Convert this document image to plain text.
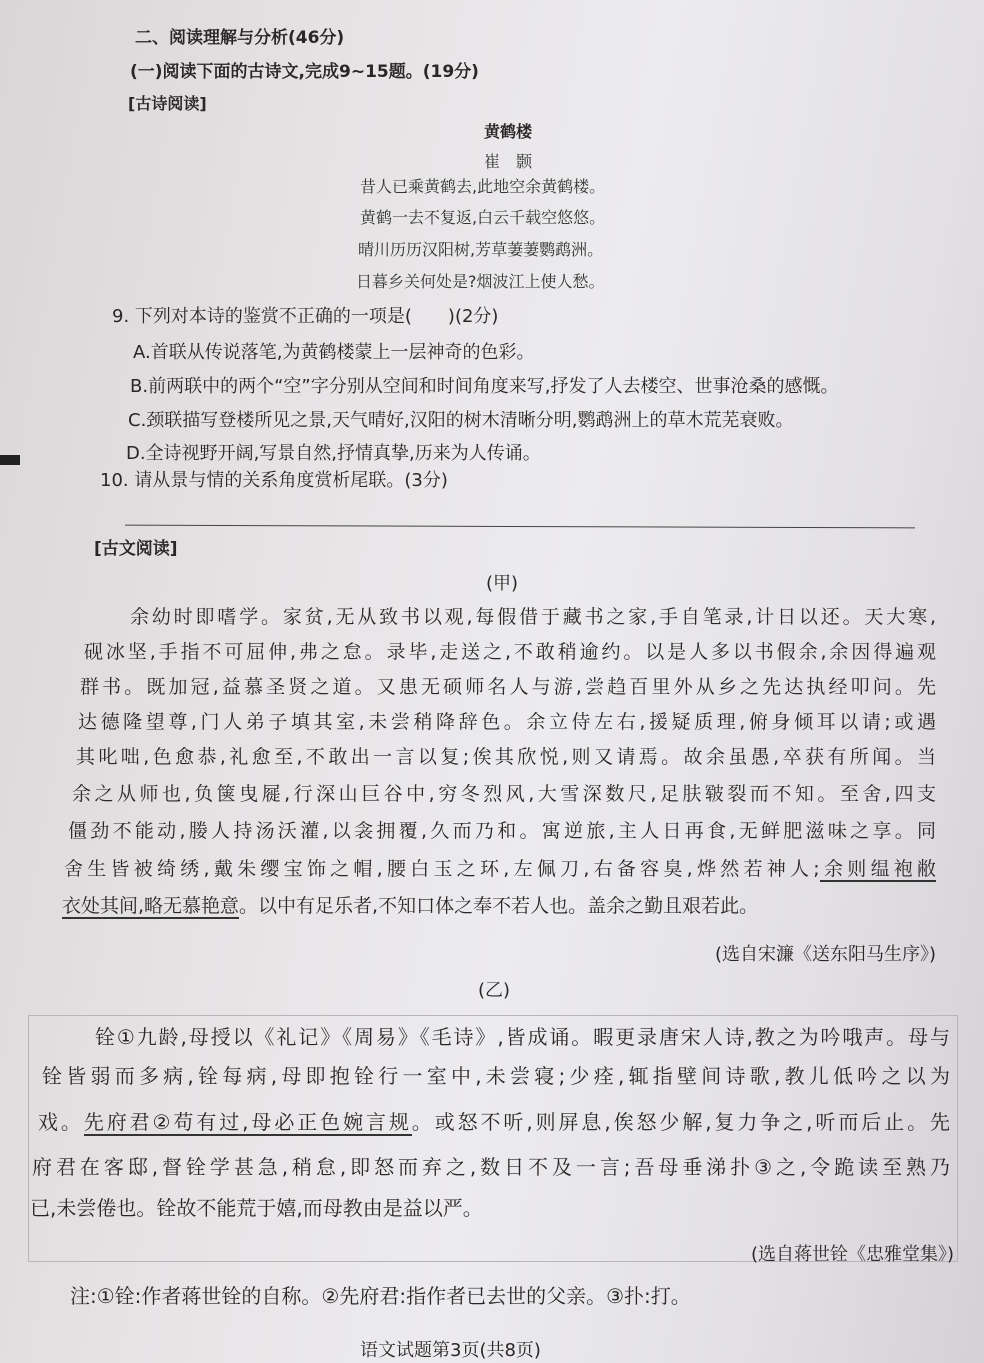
二、阅读理解与分析(46分)
(一)阅读下面的古诗文,完成9~15题。(19分)
[古诗阅读]
黄鹤楼
崔　颢
昔人已乘黄鹤去,此地空余黄鹤楼。
黄鹤一去不复返,白云千载空悠悠。
晴川历历汉阳树,芳草萋萋鹦鹉洲。
日暮乡关何处是?烟波江上使人愁。
9. 下列对本诗的鉴赏不正确的一项是(　　)(2分)
A.首联从传说落笔,为黄鹤楼蒙上一层神奇的色彩。
B.前两联中的两个“空”字分别从空间和时间角度来写,抒发了人去楼空、世事沧桑的感慨。
C.颈联描写登楼所见之景,天气晴好,汉阳的树木清晰分明,鹦鹉洲上的草木荒芜衰败。
D.全诗视野开阔,写景自然,抒情真挚,历来为人传诵。
10. 请从景与情的关系角度赏析尾联。(3分)
[古文阅读]
(甲)
余幼时即嗜学。家贫,无从致书以观,每假借于藏书之家,手自笔录,计日以还。天大寒,
砚冰坚,手指不可屈伸,弗之怠。录毕,走送之,不敢稍逾约。以是人多以书假余,余因得遍观
群书。既加冠,益慕圣贤之道。又患无硕师名人与游,尝趋百里外从乡之先达执经叩问。先
达德隆望尊,门人弟子填其室,未尝稍降辞色。余立侍左右,援疑质理,俯身倾耳以请;或遇
其叱咄,色愈恭,礼愈至,不敢出一言以复;俟其欣悦,则又请焉。故余虽愚,卒获有所闻。当
余之从师也,负箧曳屣,行深山巨谷中,穷冬烈风,大雪深数尺,足肤皲裂而不知。至舍,四支
僵劲不能动,媵人持汤沃灌,以衾拥覆,久而乃和。寓逆旅,主人日再食,无鲜肥滋味之享。同
舍生皆被绮绣,戴朱缨宝饰之帽,腰白玉之环,左佩刀,右备容臭,烨然若神人;余则缊袍敝
衣处其间,略无慕艳意。以中有足乐者,不知口体之奉不若人也。盖余之勤且艰若此。
(选自宋濂《送东阳马生序》)
(乙)
铨①九龄,母授以《礼记》《周易》《毛诗》,皆成诵。暇更录唐宋人诗,教之为吟哦声。母与
铨皆弱而多病,铨每病,母即抱铨行一室中,未尝寝;少痊,辄指壁间诗歌,教儿低吟之以为
戏。先府君②苟有过,母必正色婉言规。或怒不听,则屏息,俟怒少解,复力争之,听而后止。先
府君在客邸,督铨学甚急,稍怠,即怒而弃之,数日不及一言;吾母垂涕扑③之,令跪读至熟乃
已,未尝倦也。铨故不能荒于嬉,而母教由是益以严。
(选自蒋世铨《忠雅堂集》)
注:①铨:作者蒋世铨的自称。②先府君:指作者已去世的父亲。③扑:打。
语文试题第3页(共8页)
